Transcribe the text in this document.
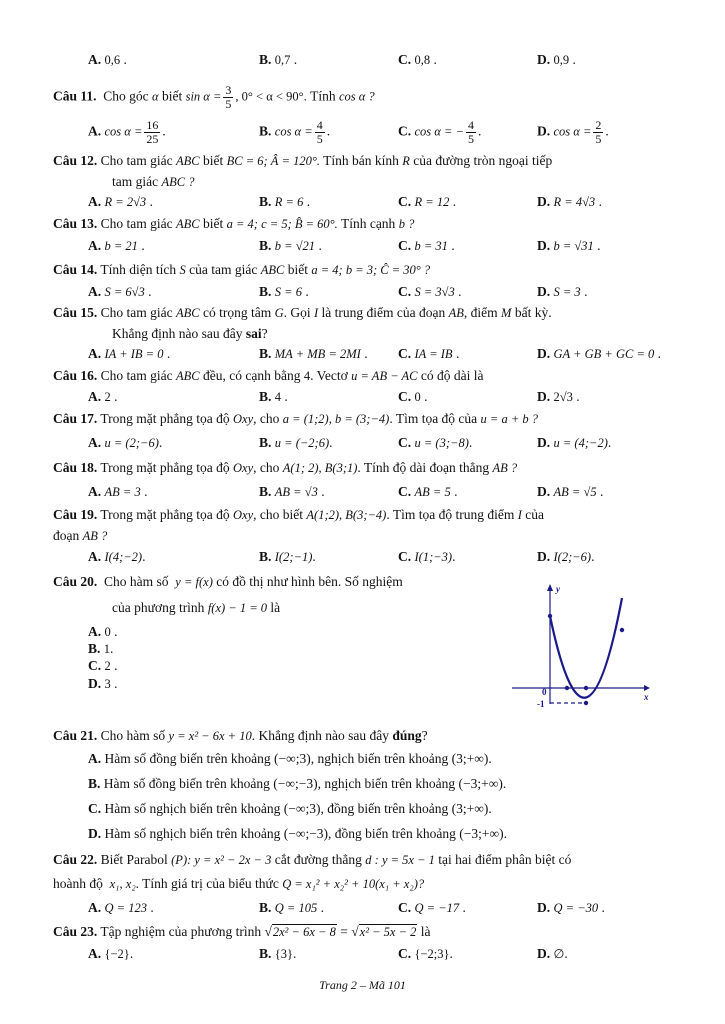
A. 0,6 .	B. 0,7 .	C. 0,8 .	D. 0,9 .
Câu 11. Cho góc α biết $\sin \alpha = \frac{3}{5}$ , 0° < α < 90°. Tính cos α ?
A. $\cos \alpha = \frac{16}{25}$ .	B. $\cos \alpha = \frac{4}{5}$ .	C. cos α = − $\frac{4}{5}$ .	D. $\cos \alpha = \frac{2}{5}$ .
Câu 12. Cho tam giác ABC biết BC = 6; Â = 120°. Tính bán kính R của đường tròn ngoại tiếp
tam giác ABC ?
A. R = 2√3 .	B. R = 6 .	C. R = 12 .	D. R = 4√3 .
Câu 13. Cho tam giác ABC biết a = 4; c = 5; B̂ = 60°. Tính cạnh b ?
A. b = 21 .	B. b = √21 .	C. b = 31 .	D. b = √31 .
Câu 14. Tính diện tích S của tam giác ABC biết a = 4; b = 3; Ĉ = 30° ?
A. S = 6√3 .	B. S = 6 .	C. S = 3√3 .	D. S = 3 .
Câu 15. Cho tam giác ABC có trọng tâm G. Gọi I là trung điểm của đoạn AB, điểm M bất kỳ.
Khẳng định nào sau đây sai?
A. IA + IB = 0 .	B. MA + MB = 2MI . C. IA = IB .	D. GA + GB + GC = 0 .
Câu 16. Cho tam giác ABC đều, có cạnh bằng 4. Vectơ u = AB − AC có độ dài là
A. 2 .	B. 4 .	C. 0 .	D. 2√3 .
Câu 17. Trong mặt phẳng tọa độ Oxy, cho a = (1;2), b = (3;−4). Tìm tọa độ của u = a + b ?
A. u = (2;−6).	B. u = (−2;6).	C. u = (3;−8).	D. u = (4;−2).
Câu 18. Trong mặt phẳng tọa độ Oxy, cho A(1; 2), B(3;1). Tính độ dài đoạn thẳng AB ?
A. AB = 3 .	B. AB = √3 .	C. AB = 5 .	D. AB = √5 .
Câu 19. Trong mặt phẳng tọa độ Oxy, cho biết A(1;2), B(3;−4). Tìm tọa độ trung điểm I của
đoạn AB ?
A. I(4;−2).	B. I(2;−1).	C. I(1;−3).	D. I(2;−6).
Câu 20. Cho hàm số y = f(x) có đồ thị như hình bên. Số nghiệm
của phương trình f(x) − 1 = 0 là
A. 0 .
B. 1.
C. 2 .
D. 3 .
y
x
0
-1
Câu 21. Cho hàm số y = x² − 6x + 10. Khẳng định nào sau đây đúng?
A. Hàm số đồng biến trên khoảng (−∞;3), nghịch biến trên khoảng (3;+∞).
B. Hàm số đồng biến trên khoảng (−∞;−3), nghịch biến trên khoảng (−3;+∞).
C. Hàm số nghịch biến trên khoảng (−∞;3), đồng biến trên khoảng (3;+∞).
D. Hàm số nghịch biến trên khoảng (−∞;−3), đồng biến trên khoảng (−3;+∞).
Câu 22. Biết Parabol (P): y = x² − 2x − 3 cắt đường thẳng d : y = 5x − 1 tại hai điểm phân biệt có
hoành độ x₁, x₂. Tính giá trị của biểu thức Q = x₁² + x₂² + 10(x₁ + x₂)?
A. Q = 123 .	B. Q = 105 .	C. Q = −17 .	D. Q = −30 .
Câu 23. Tập nghiệm của phương trình √2x² − 6x − 8 = √x² − 5x − 2 là
A. {−2}.	B. {3}.	C. {−2;3}.	D. ∅.
Trang 2 – Mã 101
